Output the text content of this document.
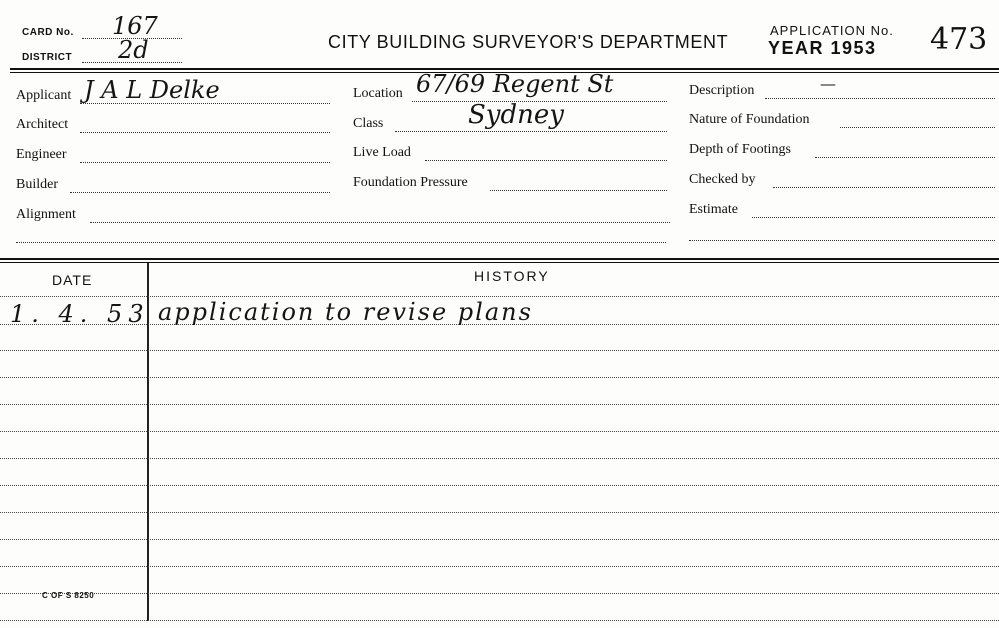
CARD No. 167
DISTRICT 2d	CITY BUILDING SURVEYOR'S DEPARTMENT
APPLICATION No.
YEAR 1953 473
Applicant J A L Delke
Architect
Engineer
Builder
Alignment
Location 67/69 Regent St
Class	Sydney
Live Load
Foundation Pressure
Description	—
Nature of Foundation
Depth of Footings
Checked by
Estimate
DATE	HISTORY
1. 4. 53 application to revise plans
C OF S 8250
